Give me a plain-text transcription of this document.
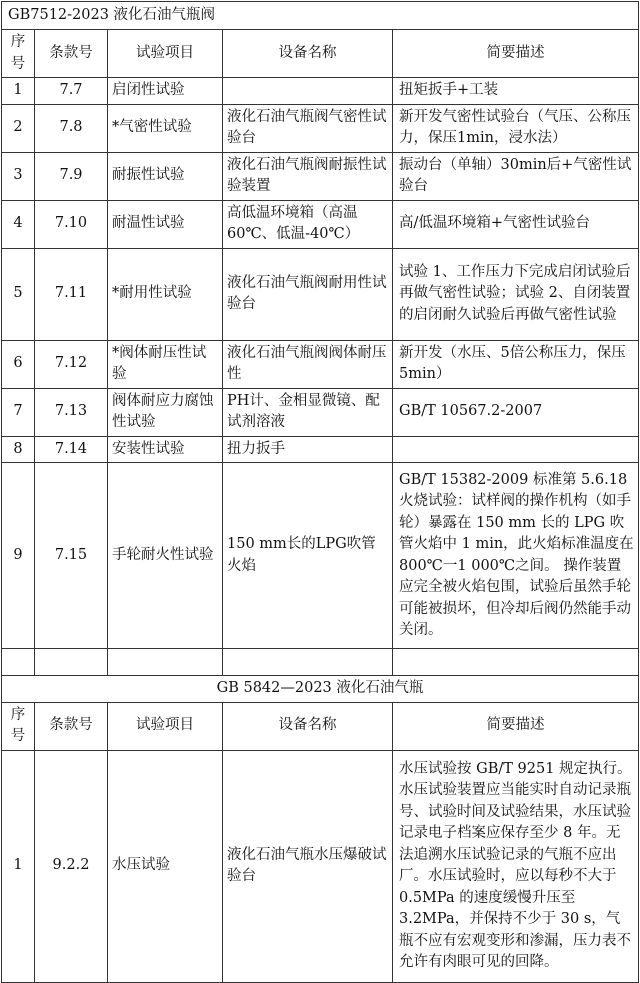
GB7512-2023 液化石油气瓶阀				
序号	条款号	试验项目	设备名称	简要描述
1	7.7	启闭性试验		扭矩扳手+工装
2	7.8	*气密性试验	液化石油气瓶阀气密性试验台	新开发气密性试验台（气压、公称压力，保压1min，浸水法）
3	7.9	耐振性试验	液化石油气瓶阀耐振性试验装置	振动台（单轴）30min后+气密性试验台
4	7.10	耐温性试验	高低温环境箱（高温60℃、低温-40℃）	高/低温环境箱+气密性试验台
5	7.11	*耐用性试验	液化石油气瓶阀耐用性试验台	试验 1、工作压力下完成启闭试验后再做气密性试验；试验 2、自闭装置的启闭耐久试验后再做气密性试验
6	7.12	*阀体耐压性试验	液化石油气瓶阀阀体耐压性	新开发（水压、5倍公称压力，保压5min）
7	7.13	阀体耐应力腐蚀性试验	PH计、金相显微镜、配试剂溶液	GB/T 10567.2-2007
8	7.14	安装性试验	扭力扳手	
9	7.15	手轮耐火性试验	150 mm长的LPG吹管火焰	GB/T 15382-2009 标准第 5.6.18 火烧试验：试样阀的操作机构（如手轮）暴露在 150 mm 长的 LPG 吹管火焰中 1 min，此火焰标准温度在800℃一1 000℃之间。 操作装置应完全被火焰包围，试验后虽然手轮可能被损坏，但冷却后阀仍然能手动关闭。

GB 5842—2023 液化石油气瓶				
序号	条款号	试验项目	设备名称	简要描述
1	9.2.2	水压试验	液化石油气瓶水压爆破试验台	水压试验按 GB/T 9251 规定执行。水压试验装置应当能实时自动记录瓶号、试验时间及试验结果，水压试验记录电子档案应保存至少 8 年。无法追溯水压试验记录的气瓶不应出厂。水压试验时，应以每秒不大于 0.5MPa 的速度缓慢升压至3.2MPa，并保持不少于 30 s，气瓶不应有宏观变形和渗漏，压力表不允许有肉眼可见的回降。
